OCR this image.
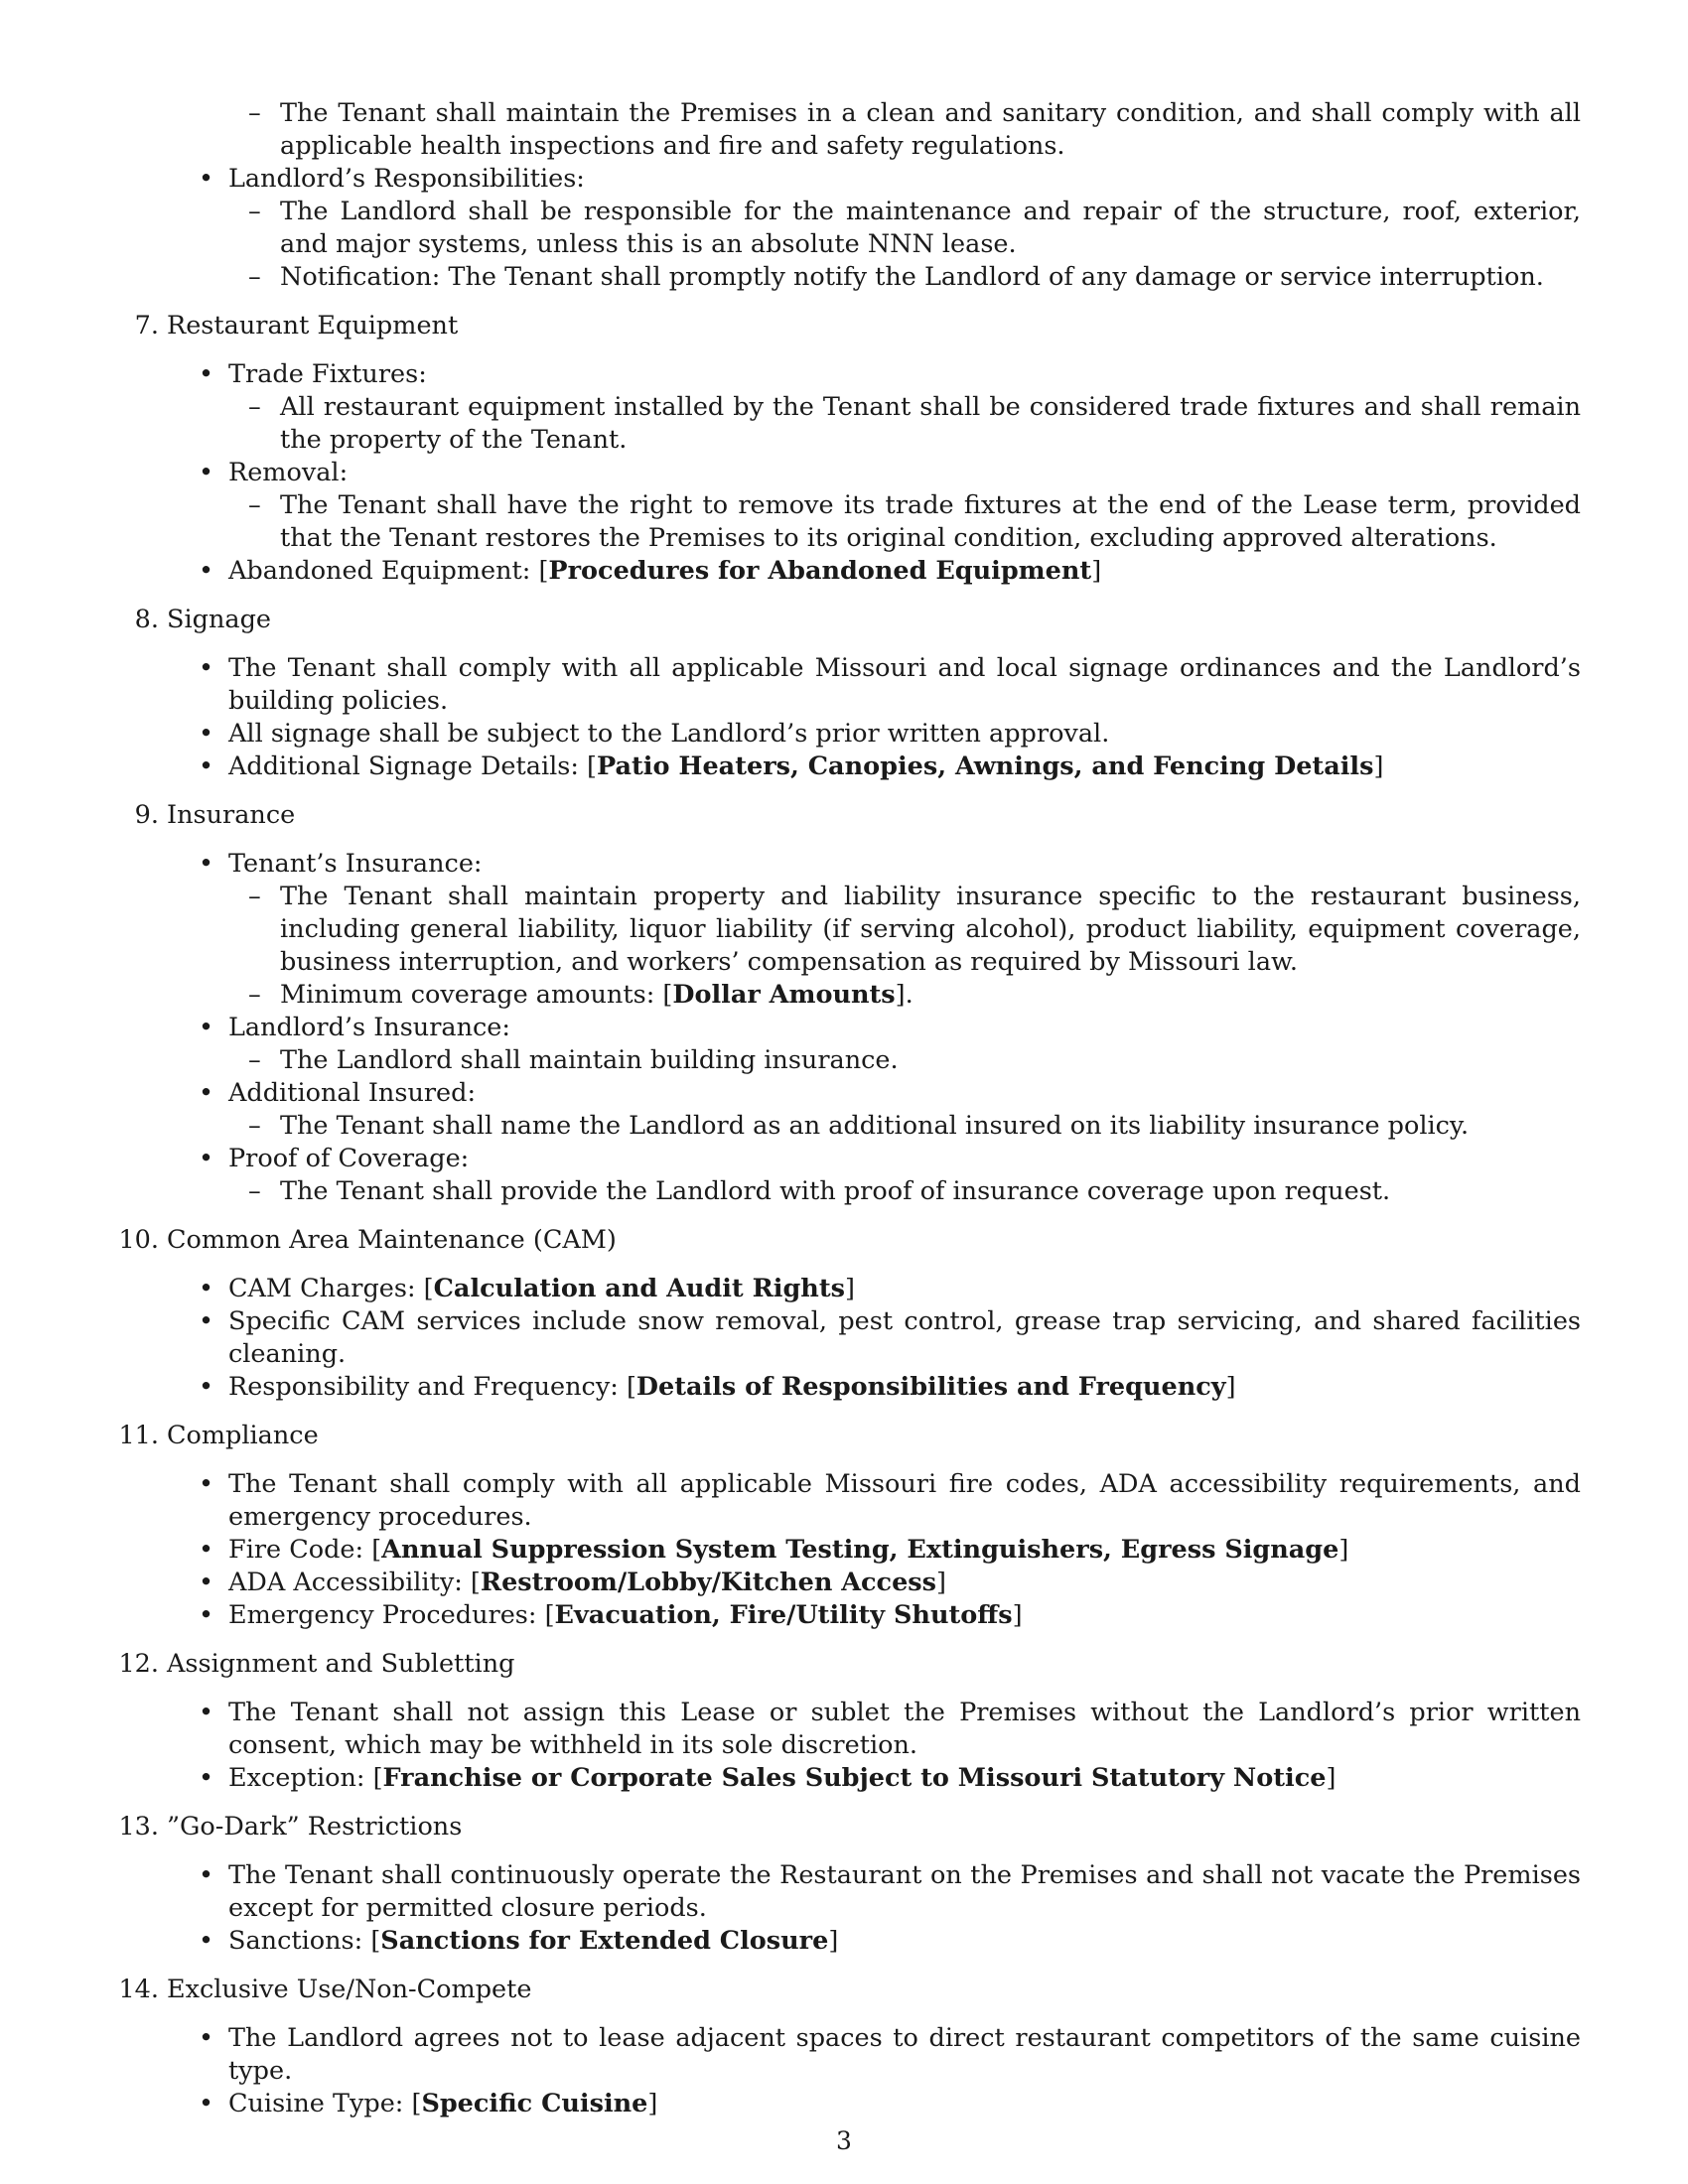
– The Tenant shall maintain the Premises in a clean and sanitary condition, and shall comply with all applicable health inspections and fire and safety regulations.
• Landlord’s Responsibilities:
– The Landlord shall be responsible for the maintenance and repair of the structure, roof, exterior, and major systems, unless this is an absolute NNN lease.
– Notification: The Tenant shall promptly notify the Landlord of any damage or service interruption.
7. Restaurant Equipment
• Trade Fixtures:
– All restaurant equipment installed by the Tenant shall be considered trade fixtures and shall remain the property of the Tenant.
• Removal:
– The Tenant shall have the right to remove its trade fixtures at the end of the Lease term, provided that the Tenant restores the Premises to its original condition, excluding approved alterations.
• Abandoned Equipment: [Procedures for Abandoned Equipment]
8. Signage
• The Tenant shall comply with all applicable Missouri and local signage ordinances and the Landlord’s building policies.
• All signage shall be subject to the Landlord’s prior written approval.
• Additional Signage Details: [Patio Heaters, Canopies, Awnings, and Fencing Details]
9. Insurance
• Tenant’s Insurance:
– The Tenant shall maintain property and liability insurance specific to the restaurant business, including general liability, liquor liability (if serving alcohol), product liability, equipment coverage, business interruption, and workers’ compensation as required by Missouri law.
– Minimum coverage amounts: [Dollar Amounts].
• Landlord’s Insurance:
– The Landlord shall maintain building insurance.
• Additional Insured:
– The Tenant shall name the Landlord as an additional insured on its liability insurance policy.
• Proof of Coverage:
– The Tenant shall provide the Landlord with proof of insurance coverage upon request.
10. Common Area Maintenance (CAM)
• CAM Charges: [Calculation and Audit Rights]
• Specific CAM services include snow removal, pest control, grease trap servicing, and shared facilities cleaning.
• Responsibility and Frequency: [Details of Responsibilities and Frequency]
11. Compliance
• The Tenant shall comply with all applicable Missouri fire codes, ADA accessibility requirements, and emergency procedures.
• Fire Code: [Annual Suppression System Testing, Extinguishers, Egress Signage]
• ADA Accessibility: [Restroom/Lobby/Kitchen Access]
• Emergency Procedures: [Evacuation, Fire/Utility Shutoffs]
12. Assignment and Subletting
• The Tenant shall not assign this Lease or sublet the Premises without the Landlord’s prior written consent, which may be withheld in its sole discretion.
• Exception: [Franchise or Corporate Sales Subject to Missouri Statutory Notice]
13. ”Go-Dark” Restrictions
• The Tenant shall continuously operate the Restaurant on the Premises and shall not vacate the Premises except for permitted closure periods.
• Sanctions: [Sanctions for Extended Closure]
14. Exclusive Use/Non-Compete
• The Landlord agrees not to lease adjacent spaces to direct restaurant competitors of the same cuisine type.
• Cuisine Type: [Specific Cuisine]
3
